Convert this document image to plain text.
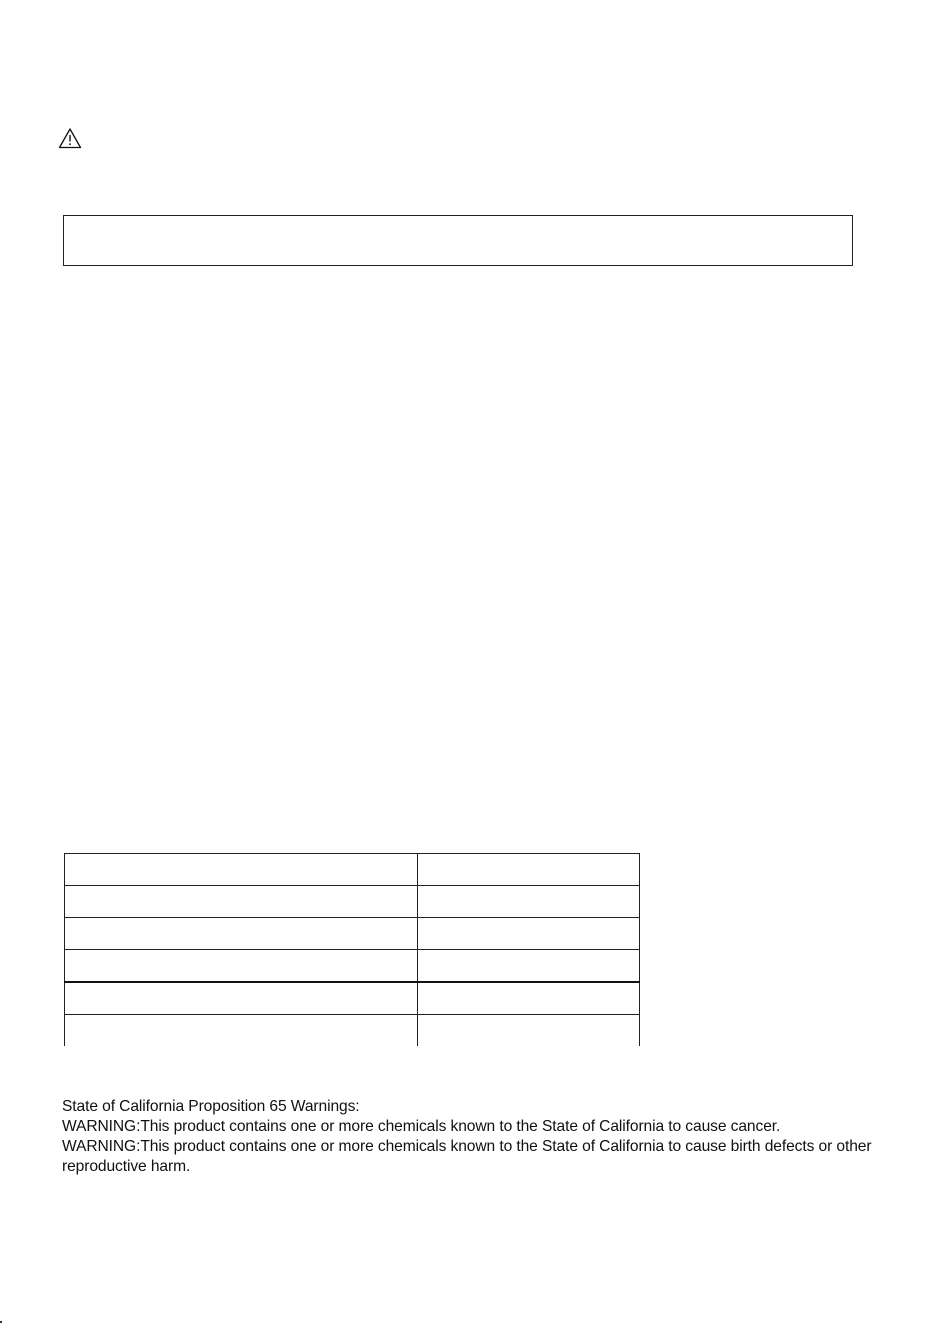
State of California Proposition 65 Warnings:

WARNING:This product contains one or more chemicals known to the State of California to cause cancer.

WARNING:This product contains one or more chemicals known to the State of California to cause birth defects or other reproductive harm.
